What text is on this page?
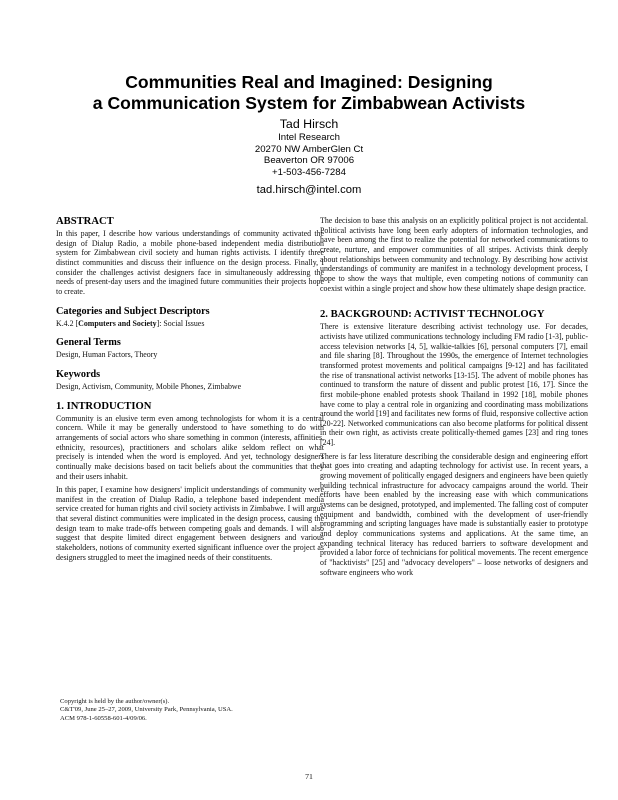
Communities Real and Imagined: Designing
a Communication System for Zimbabwean Activists
Tad Hirsch
Intel Research
20270 NW AmberGlen Ct
Beaverton OR 97006
+1-503-456-7284
tad.hirsch@intel.com
ABSTRACT

In this paper, I describe how various understandings of community activated the design of Dialup Radio, a mobile phone-based independent media distribution system for Zimbabwean civil society and human rights activists. I identify three distinct communities and discuss their influence on the design process. Finally, I consider the challenges activist designers face in simultaneously addressing the needs of present-day users and the imagined future communities their projects hope to create.

Categories and Subject Descriptors

K.4.2 [Computers and Society]: Social Issues

General Terms

Design, Human Factors, Theory

Keywords

Design, Activism, Community, Mobile Phones, Zimbabwe

1. INTRODUCTION

Community is an elusive term even among technologists for whom it is a central concern. While it may be generally understood to have something to do with arrangements of social actors who share something in common (interests, affinities, ethnicity, resources), practitioners and scholars alike seldom reflect on what precisely is intended when the word is employed. And yet, technology designers continually make decisions based on tacit beliefs about the communities that they and their users inhabit.

In this paper, I examine how designers' implicit understandings of community were manifest in the creation of Dialup Radio, a telephone based independent media service created for human rights and civil society activists in Zimbabwe. I will argue that several distinct communities were implicated in the design process, causing the design team to make trade-offs between competing goals and demands. I will also suggest that despite limited direct engagement between designers and various stakeholders, notions of community exerted significant influence over the project as designers struggled to meet the imagined needs of their constituents.

The decision to base this analysis on an explicitly political project is not accidental. Political activists have long been early adopters of information technologies, and have been among the first to realize the potential for networked communications to create, nurture, and empower communities of all stripes. Activists think deeply about relationships between community and technology. By describing how activist understandings of community are manifest in a technology development process, I hope to show the ways that multiple, even competing notions of community can coexist within a single project and show how these ultimately shape design practice.

2. BACKGROUND: ACTIVIST TECHNOLOGY

There is extensive literature describing activist technology use. For decades, activists have utilized communications technology including FM radio [1-3], public-access television networks [4, 5], walkie-talkies [6], personal computers [7], email and file sharing [8]. Throughout the 1990s, the emergence of Internet technologies transformed protest movements and political campaigns [9-12] and has facilitated the rise of transnational activist networks [13-15]. The advent of mobile phones has continued to transform the nature of dissent and public protest [16, 17]. Since the first mobile-phone enabled protests shook Thailand in 1992 [18], mobile phones have come to play a central role in organizing and coordinating mass mobilizations around the world [19] and facilitates new forms of fluid, responsive collective action [20-22]. Networked communications can also become platforms for political dissent in their own right, as activists create politically-themed games [23] and ring tones [24].

There is far less literature describing the considerable design and engineering effort that goes into creating and adapting technology for activist use. In recent years, a growing movement of politically engaged designers and engineers have been quietly building technical infrastructure for advocacy campaigns around the world. Their efforts have been enabled by the increasing ease with which communications systems can be designed, prototyped, and implemented. The falling cost of computer equipment and bandwidth, combined with the development of user-friendly programming and scripting languages have made is substantially easier to prototype and deploy communications systems and applications. At the same time, an expanding technical literacy has reduced barriers to software development and provided a labor force of technicians for political movements. The recent emergence of "hacktivists" [25] and "advocacy developers" – loose networks of designers and software engineers who work

Copyright is held by the author/owner(s).
C&T'09, June 25–27, 2009, University Park, Pennsylvania, USA.
ACM 978-1-60558-601-4/09/06.
71
